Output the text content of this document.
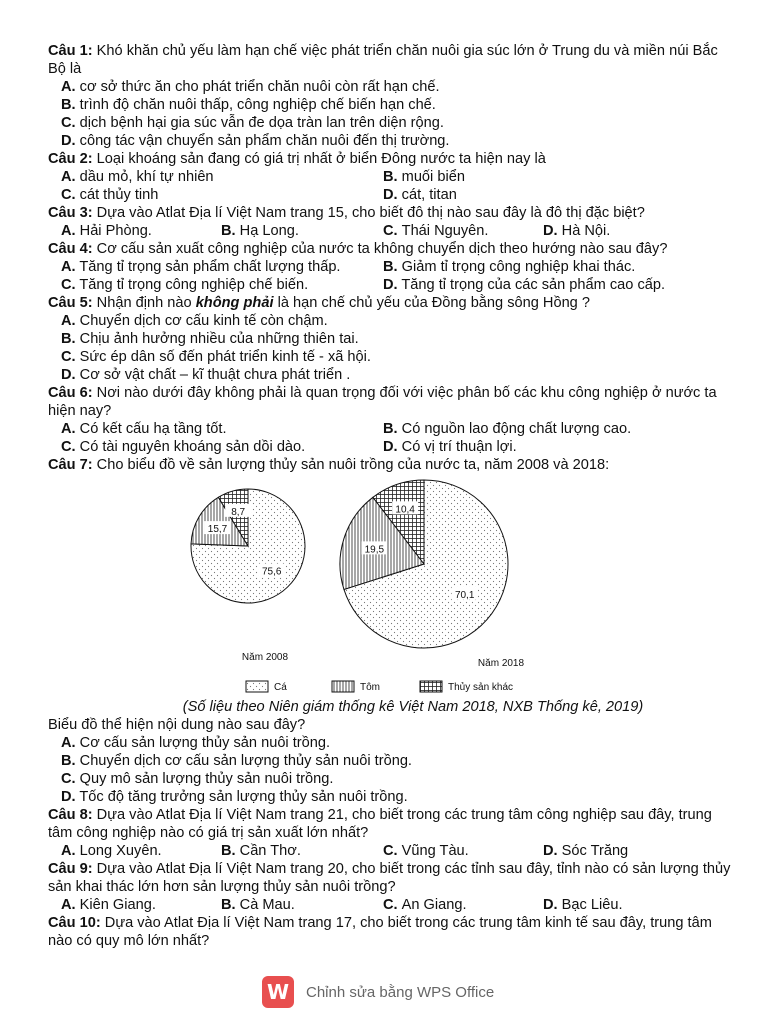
Câu 1: Khó khăn chủ yếu làm hạn chế việc phát triển chăn nuôi gia súc lớn ở Trung du và miền núi Bắc Bộ là

A. cơ sở thức ăn cho phát triển chăn nuôi còn rất hạn chế.

B. trình độ chăn nuôi thấp, công nghiệp chế biến hạn chế.

C. dịch bệnh hại gia súc vẫn đe dọa tràn lan trên diện rộng.

D. công tác vận chuyển sản phẩm chăn nuôi đến thị trường.

Câu 2: Loại khoáng sản đang có giá trị nhất ở biển Đông nước ta hiện nay là

A. dầu mỏ, khí tự nhiên	B. muối biển
C. cát thủy tinh	D. cát, titan

Câu 3: Dựa vào Atlat Địa lí Việt Nam trang 15, cho biết đô thị nào sau đây là đô thị đặc biệt?

A. Hải Phòng.	B. Hạ Long.	C. Thái Nguyên.	D. Hà Nội.

Câu 4: Cơ cấu sản xuất công nghiệp của nước ta không chuyển dịch theo hướng nào sau đây?

A. Tăng tỉ trọng sản phẩm chất lượng thấp.	B. Giảm tỉ trọng công nghiệp khai thác.
C. Tăng tỉ trọng công nghiệp chế biến.	D. Tăng tỉ trọng của các sản phẩm cao cấp.

Câu 5: Nhận định nào không phải là hạn chế chủ yếu của Đồng bằng sông Hồng ?

A. Chuyển dịch cơ cấu kinh tế còn chậm.

B. Chịu ảnh hưởng nhiều của những thiên tai.

C. Sức ép dân số đến phát triển kinh tế - xã hội.

D. Cơ sở vật chất – kĩ thuật chưa phát triển .

Câu 6: Nơi nào dưới đây không phải là quan trọng đối với việc phân bố các khu công nghiệp ở nước ta hiện nay?

A. Có kết cấu hạ tầng tốt.	B. Có nguồn lao động chất lượng cao.
C. Có tài nguyên khoáng sản dồi dào.	D. Có vị trí thuận lợi.

Câu 7: Cho biểu đồ về sản lượng thủy sản nuôi trồng của nước ta, năm 2008 và 2018:

75,6
15,7
8,7
Năm 2008
70,1
19,5
10,4
Năm 2018
Cá	Tôm	Thủy sản khác

(Số liệu theo Niên giám thống kê Việt Nam 2018, NXB Thống kê, 2019)

Biểu đồ thể hiện nội dung nào sau đây?

A. Cơ cấu sản lượng thủy sản nuôi trồng.

B. Chuyển dịch cơ cấu sản lượng thủy sản nuôi trồng.

C. Quy mô sản lượng thủy sản nuôi trồng.

D. Tốc độ tăng trưởng sản lượng thủy sản nuôi trồng.

Câu 8: Dựa vào Atlat Địa lí Việt Nam trang 21, cho biết trong các trung tâm công nghiệp sau đây, trung tâm công nghiệp nào có giá trị sản xuất lớn nhất?

A. Long Xuyên.	B. Cần Thơ.	C. Vũng Tàu.	D. Sóc Trăng

Câu 9: Dựa vào Atlat Địa lí Việt Nam trang 20, cho biết trong các tỉnh sau đây, tỉnh nào có sản lượng thủy sản khai thác lớn hơn sản lượng thủy sản nuôi trồng?

A. Kiên Giang.	B. Cà Mau.	C. An Giang.	D. Bạc Liêu.

Câu 10: Dựa vào Atlat Địa lí Việt Nam trang 17, cho biết trong các trung tâm kinh tế sau đây, trung tâm nào có quy mô lớn nhất?

W	Chỉnh sửa bằng WPS Office
